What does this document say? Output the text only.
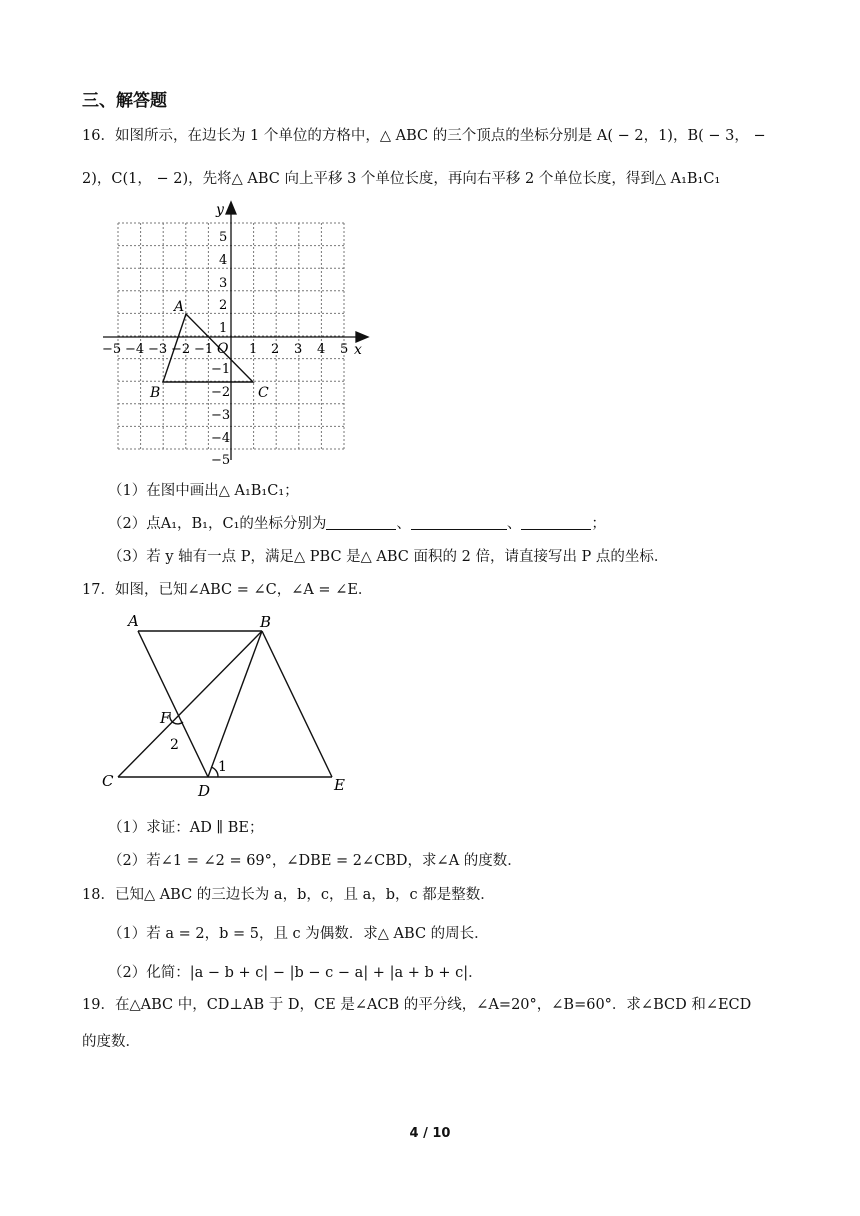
三、解答题
16．如图所示，在边长为 1 个单位的方格中，△ ABC 的三个顶点的坐标分别是 A( − 2，1)，B( − 3， −
2)，C(1， − 2)，先将△ ABC 向上平移 3 个单位长度，再向右平移 2 个单位长度，得到△ A₁B₁C₁
x
y
O
A
B	C
−5 −4 −3 −2 −1	1 2 3 4 5
5
4
3
2
1
−1
−2
−3
−4
−5
（1）在图中画出△ A₁B₁C₁；
（2）点A₁，B₁，C₁的坐标分别为	、	、	；
（3）若 y 轴有一点 P，满足△ PBC 是△ ABC 面积的 2 倍，请直接写出 P 点的坐标．
17．如图，已知∠ABC = ∠C，∠A = ∠E．
A	B
F
C
D	E
2
1
（1）求证：AD ∥ BE；
（2）若∠1 = ∠2 = 69°，∠DBE = 2∠CBD，求∠A 的度数．
18．已知△ ABC 的三边长为 a，b，c，且 a，b，c 都是整数．
（1）若 a = 2，b = 5，且 c 为偶数．求△ ABC 的周长．
（2）化简：|a − b + c| − |b − c − a| + |a + b + c|．
19．在△ABC 中，CD⊥AB 于 D，CE 是∠ACB 的平分线，∠A=20°，∠B=60°．求∠BCD 和∠ECD
的度数．
4 / 10
